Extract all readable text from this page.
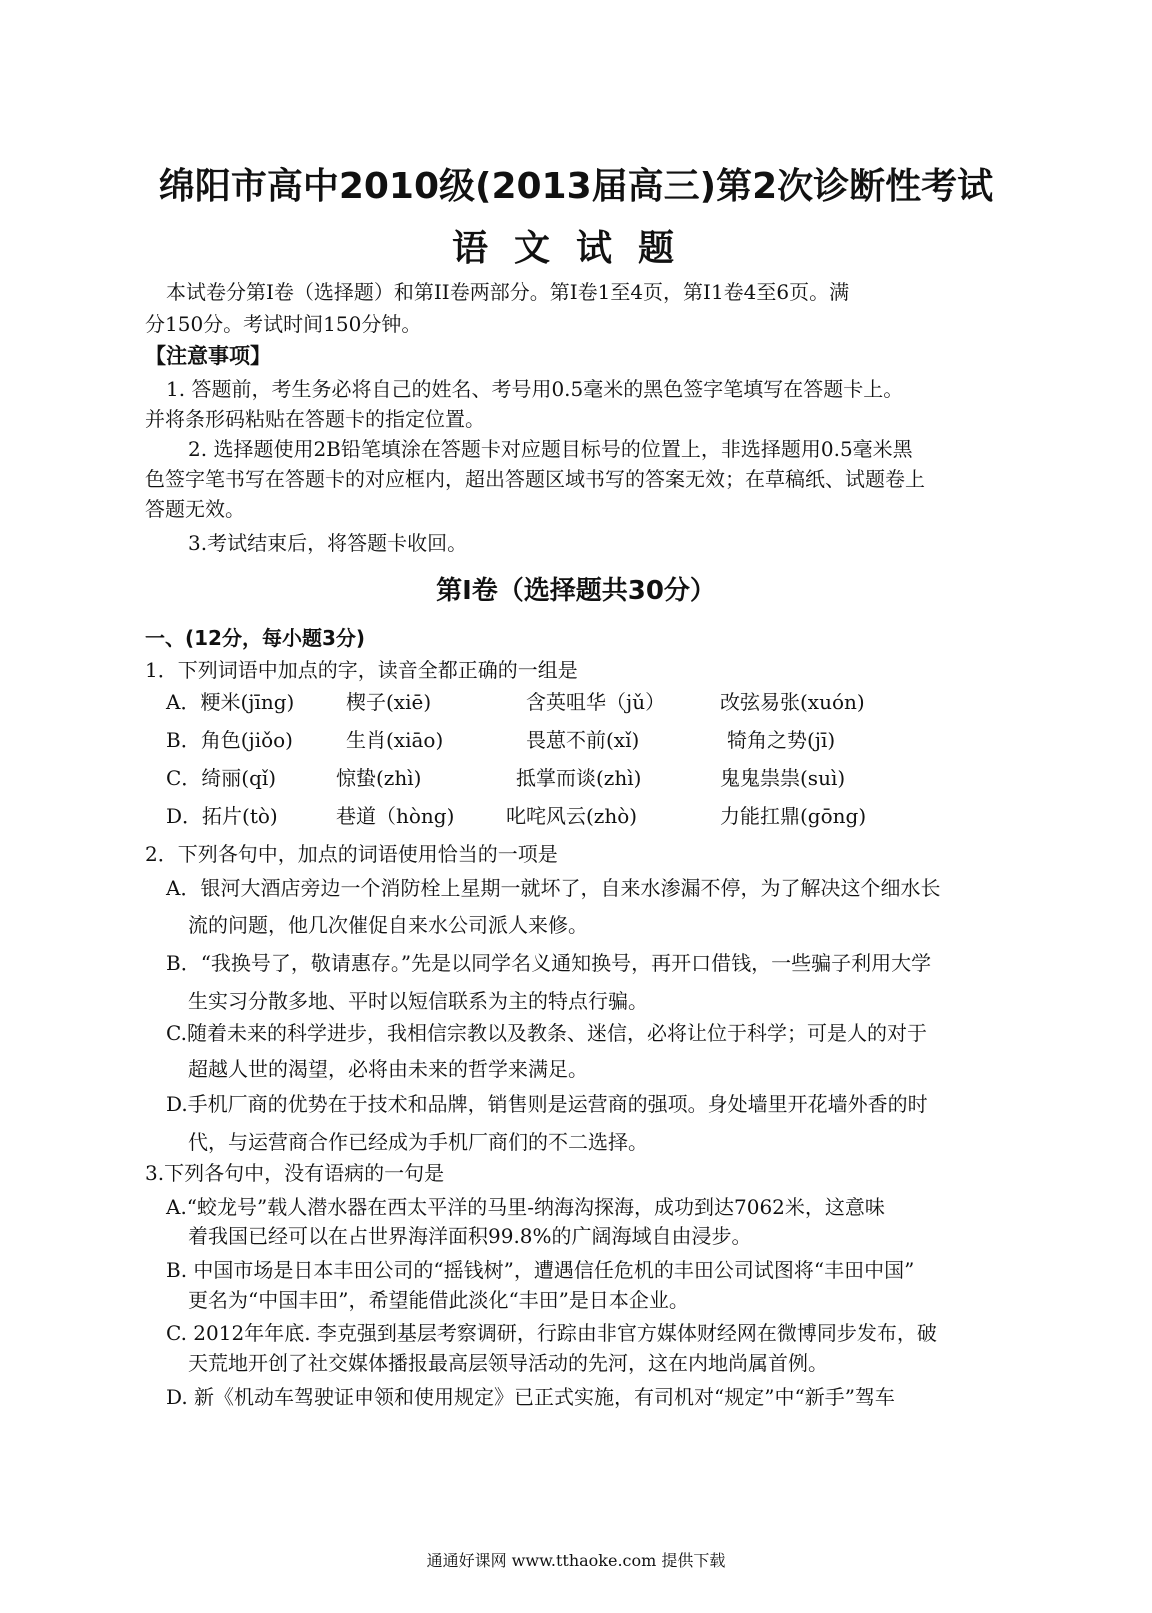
绵阳市高中2010级(2013届高三)第2次诊断性考试
语文试题
本试卷分第Ⅰ卷（选择题）和第II卷两部分。第Ⅰ卷1至4页，第I1卷4至6页。满
分150分。考试时间150分钟。
【注意事项】
1. 答题前，考生务必将自己的姓名、考号用0.5毫米的黑色签字笔填写在答题卡上。
并将条形码粘贴在答题卡的指定位置。
2. 选择题使用2B铅笔填涂在答题卡对应题目标号的位置上，非选择题用0.5毫米黑
色签字笔书写在答题卡的对应框内，超出答题区域书写的答案无效；在草稿纸、试题卷上
答题无效。
3.考试结束后，将答题卡收回。
第Ⅰ卷（选择题共30分）
一、(12分，每小题3分)
1．下列词语中加点的字，读音全都正确的一组是
A．粳米(jīng)	楔子(xiē)	含英咀华（jǔ）	改弦易张(xuón)
B．角色(jiǒo)	生肖(xiāo)	畏葸不前(xǐ)	犄角之势(jī)
C．绮丽(qǐ)	惊蛰(zhì)	抵掌而谈(zhì)	鬼鬼祟祟(suì)
D．拓片(tò)	巷道（hòng)	叱咤风云(zhò)	力能扛鼎(gōng)
2．下列各句中，加点的词语使用恰当的一项是
A．银河大酒店旁边一个消防栓上星期一就坏了，自来水渗漏不停，为了解决这个细水长
流的问题，他几次催促自来水公司派人来修。
B．“我换号了，敬请惠存。”先是以同学名义通知换号，再开口借钱，一些骗子利用大学
生实习分散多地、平时以短信联系为主的特点行骗。
C.随着未来的科学进步，我相信宗教以及教条、迷信，必将让位于科学；可是人的对于
超越人世的渴望，必将由未来的哲学来满足。
D.手机厂商的优势在于技术和品牌，销售则是运营商的强项。身处墙里开花墙外香的时
代，与运营商合作已经成为手机厂商们的不二选择。
3.下列各句中，没有语病的一句是
A.“蛟龙号”载人潜水器在西太平洋的马里-纳海沟探海，成功到达7062米，这意味
着我国已经可以在占世界海洋面积99.8%的广阔海域自由浸步。
B. 中国市场是日本丰田公司的“摇钱树”，遭遇信任危机的丰田公司试图将“丰田中国”
更名为“中国丰田”，希望能借此淡化“丰田”是日本企业。
C. 2012年年底. 李克强到基层考察调研，行踪由非官方媒体财经网在微博同步发布，破
天荒地开创了社交媒体播报最高层领导活动的先河，这在内地尚属首例。
D. 新《机动车驾驶证申领和使用规定》已正式实施，有司机对“规定”中“新手”驾车
通通好课网 www.tthaoke.com 提供下载
